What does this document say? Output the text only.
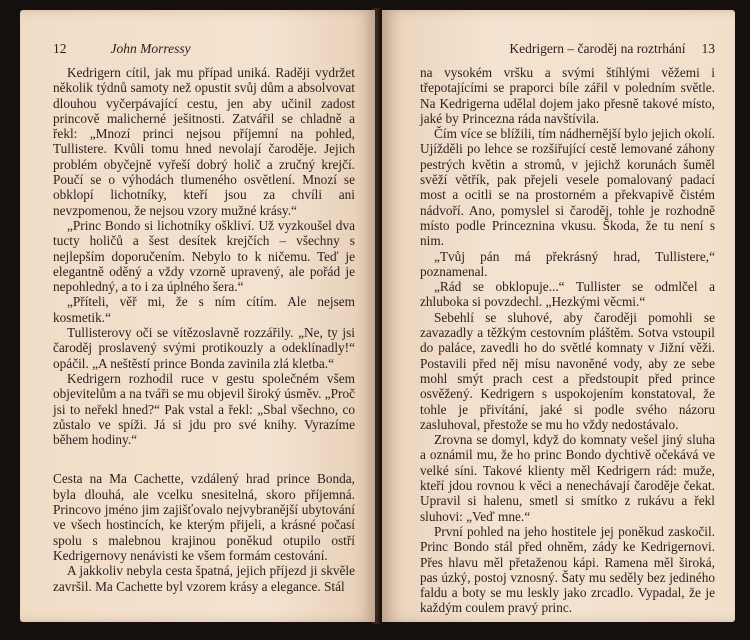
12	John Morressy

Kedrigern cítil, jak mu případ uniká. Raději vydržet několik týdnů samoty než opustit svůj dům a absolvovat dlouhou vyčerpávající cestu, jen aby učinil zadost princově malicherné ješitnosti. Zatvářil se chladně a řekl: „Mnozí princi nejsou příjemní na pohled, Tullistere. Kvůli tomu hned nevolají čaroděje. Jejich problém obyčejně vyřeší dobrý holič a zručný krejčí. Poučí se o výhodách tlumeného osvětlení. Mnozí se obklopí lichotníky, kteří jsou za chvíli ani nevzpomenou, že nejsou vzory mužné krásy.“

„Princ Bondo si lichotníky oškliví. Už vyzkoušel dva tucty holičů a šest desítek krejčích – všechny s nejlepším doporučením. Nebylo to k ničemu. Teď je elegantně oděný a vždy vzorně upravený, ale pořád je nepohledný, a to i za úplného šera.“

„Příteli, věř mi, že s ním cítím. Ale nejsem kosmetik.“

Tullisterovy oči se vítězoslavně rozzářily. „Ne, ty jsi čaroděj proslavený svými protikouzly a odeklínadly!“ opáčil. „A neštěstí prince Bonda zavinila zlá kletba.“

Kedrigern rozhodil ruce v gestu společném všem objevitelům a na tváři se mu objevil široký úsměv. „Proč jsi to neřekl hned?“ Pak vstal a řekl: „Sbal všechno, co zůstalo ve spíži. Já si jdu pro své knihy. Vyrazíme během hodiny.“

Cesta na Ma Cachette, vzdálený hrad prince Bonda, byla dlouhá, ale vcelku snesitelná, skoro příjemná. Princovo jméno jim zajišťovalo nejvybranější ubytování ve všech hostincích, ke kterým přijeli, a krásné počasí spolu s malebnou krajinou poněkud otupilo ostří Kedrigernovy nenávisti ke všem formám cestování.

A jakkoliv nebyla cesta špatná, jejich příjezd ji skvěle završil. Ma Cachette byl vzorem krásy a elegance. Stál

Kedrigern – čaroděj na roztrhání 13

na vysokém vršku a svými štíhlými věžemi i třepotajícími se praporci bíle zářil v poledním světle. Na Kedrigerna udělal dojem jako přesně takové místo, jaké by Princezna ráda navštívila.

Čím více se blížili, tím nádhernější bylo jejich okolí. Ujížděli po lehce se rozšiřující cestě lemované záhony pestrých květin a stromů, v jejichž korunách šuměl svěží větřík, pak přejeli vesele pomalovaný padací most a ocitli se na prostorném a překvapivě čistém nádvoří. Ano, pomyslel si čaroděj, tohle je rozhodně místo podle Princeznina vkusu. Škoda, že tu není s nim.

„Tvůj pán má překrásný hrad, Tullistere,“ poznamenal.

„Rád se obklopuje...“ Tullister se odmlčel a zhluboka si povzdechl. „Hezkými věcmi.“

Sebehlí se sluhové, aby čaroději pomohli se zavazadly a těžkým cestovním pláštěm. Sotva vstoupil do paláce, zavedli ho do světlé komnaty v Jižní věži. Postavili před něj mísu navoněné vody, aby ze sebe mohl smýt prach cest a předstoupit před prince osvěžený. Kedrigern s uspokojením konstatoval, že tohle je přivítání, jaké si podle svého názoru zasluhoval, přestože se mu ho vždy nedostávalo.

Zrovna se domyl, když do komnaty vešel jiný sluha a oznámil mu, že ho princ Bondo dychtivě očekává ve velké síni. Takové klienty měl Kedrigern rád: muže, kteří jdou rovnou k věci a nenechávají čaroděje čekat. Upravil si halenu, smetl si smítko z rukávu a řekl sluhovi: „Veď mne.“

První pohled na jeho hostitele jej poněkud zaskočil. Princ Bondo stál před ohněm, zády ke Kedrigernovi. Přes hlavu měl přetaženou kápi. Ramena měl široká, pas úzký, postoj vznosný. Šaty mu seděly bez jediného faldu a boty se mu leskly jako zrcadlo. Vypadal, že je každým coulem pravý princ.
